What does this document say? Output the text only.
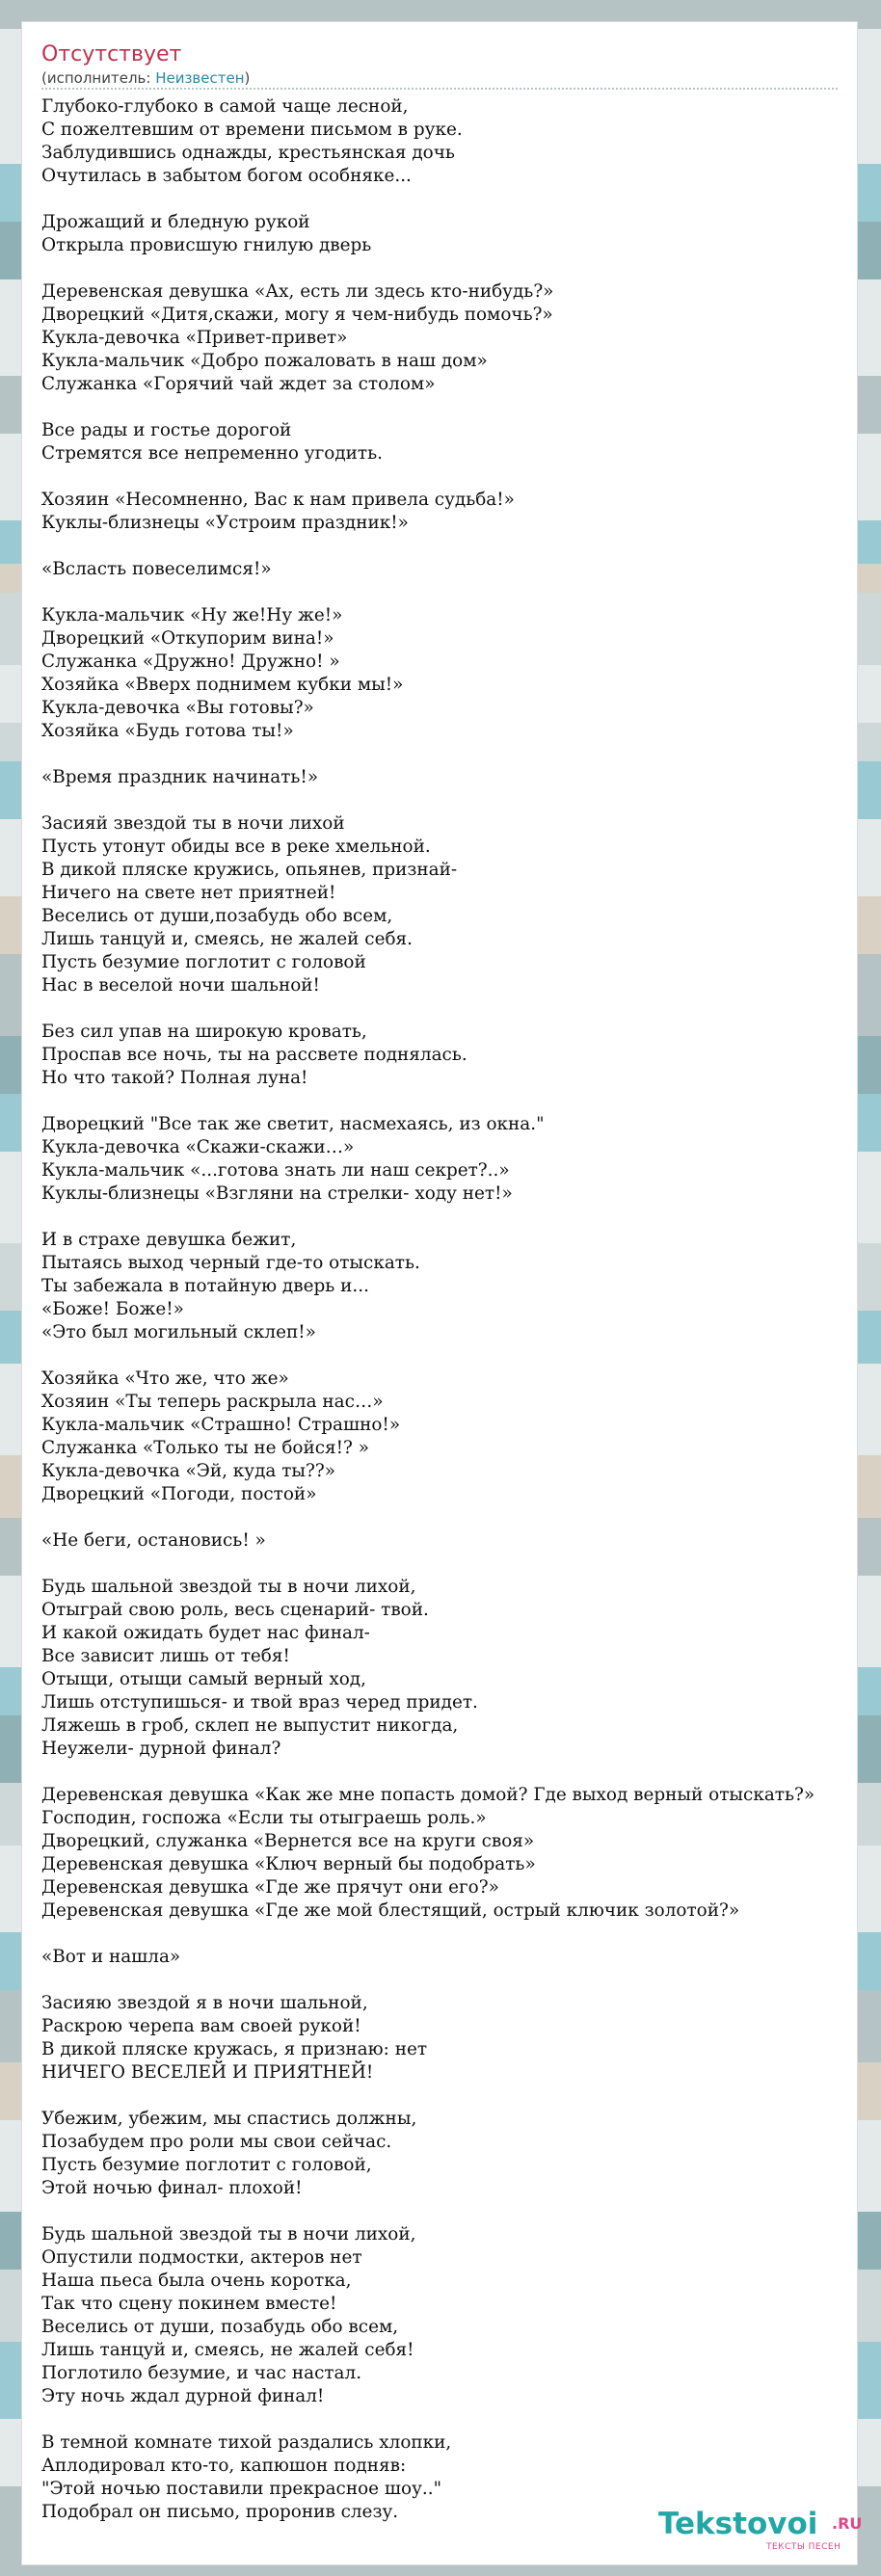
Отсутствует
(исполнитель: Неизвестен)
Глубоко-глубоко в самой чаще лесной,
С пожелтевшим от времени письмом в руке.
Заблудившись однажды, крестьянская дочь
Очутилась в забытом богом особняке...
Дрожащий и бледную рукой
Открыла провисшую гнилую дверь
Деревенская девушка «Ах, есть ли здесь кто-нибудь?»
Дворецкий «Дитя,скажи, могу я чем-нибудь помочь?»
Кукла-девочка «Привет-привет»
Кукла-мальчик «Добро пожаловать в наш дом»
Служанка «Горячий чай ждет за столом»
Все рады и гостье дорогой
Стремятся все непременно угодить.
Хозяин «Несомненно, Вас к нам привела судьба!»
Куклы-близнецы «Устроим праздник!»
«Всласть повеселимся!»
Кукла-мальчик «Ну же!Ну же!»
Дворецкий «Откупорим вина!»
Служанка «Дружно! Дружно! »
Хозяйка «Вверх поднимем кубки мы!»
Кукла-девочка «Вы готовы?»
Хозяйка «Будь готова ты!»
«Время праздник начинать!»
Засияй звездой ты в ночи лихой
Пусть утонут обиды все в реке хмельной.
В дикой пляске кружись, опьянев, признай-
Ничего на свете нет приятней!
Веселись от души,позабудь обо всем,
Лишь танцуй и, смеясь, не жалей себя.
Пусть безумие поглотит с головой
Нас в веселой ночи шальной!
Без сил упав на широкую кровать,
Проспав все ночь, ты на рассвете поднялась.
Но что такой? Полная луна!
Дворецкий "Все так же светит, насмехаясь, из окна."
Кукла-девочка «Скажи-скажи…»
Кукла-мальчик «...готова знать ли наш секрет?..»
Куклы-близнецы «Взгляни на стрелки- ходу нет!»
И в страхе девушка бежит,
Пытаясь выход черный где-то отыскать.
Ты забежала в потайную дверь и...
«Боже! Боже!»
«Это был могильный склеп!»
Хозяйка «Что же, что же»
Хозяин «Ты теперь раскрыла нас…»
Кукла-мальчик «Страшно! Страшно!»
Служанка «Только ты не бойся!? »
Кукла-девочка «Эй, куда ты??»
Дворецкий «Погоди, постой»
«Не беги, остановись! »
Будь шальной звездой ты в ночи лихой,
Отыграй свою роль, весь сценарий- твой.
И какой ожидать будет нас финал-
Все зависит лишь от тебя!
Отыщи, отыщи самый верный ход,
Лишь отступишься- и твой враз черед придет.
Ляжешь в гроб, склеп не выпустит никогда,
Неужели- дурной финал?
Деревенская девушка «Как же мне попасть домой? Где выход верный отыскать?»
Господин, госпожа «Если ты отыграешь роль.»
Дворецкий, служанка «Вернется все на круги своя»
Деревенская девушка «Ключ верный бы подобрать»
Деревенская девушка «Где же прячут они его?»
Деревенская девушка «Где же мой блестящий, острый ключик золотой?»
«Вот и нашла»
Засияю звездой я в ночи шальной,
Раскрою черепа вам своей рукой!
В дикой пляске кружась, я признаю: нет
НИЧЕГО ВЕСЕЛЕЙ И ПРИЯТНЕЙ!
Убежим, убежим, мы спастись должны,
Позабудем про роли мы свои сейчас.
Пусть безумие поглотит с головой,
Этой ночью финал- плохой!
Будь шальной звездой ты в ночи лихой,
Опустили подмостки, актеров нет
Наша пьеса была очень коротка,
Так что сцену покинем вместе!
Веселись от души, позабудь обо всем,
Лишь танцуй и, смеясь, не жалей себя!
Поглотило безумие, и час настал.
Эту ночь ждал дурной финал!
В темной комнате тихой раздались хлопки,
Аплодировал кто-то, капюшон подняв:
"Этой ночью поставили прекрасное шоу.."
Подобрал он письмо, проронив слезу.	Tekstovoi .RU
ТЕКСТЫ ПЕСЕН
